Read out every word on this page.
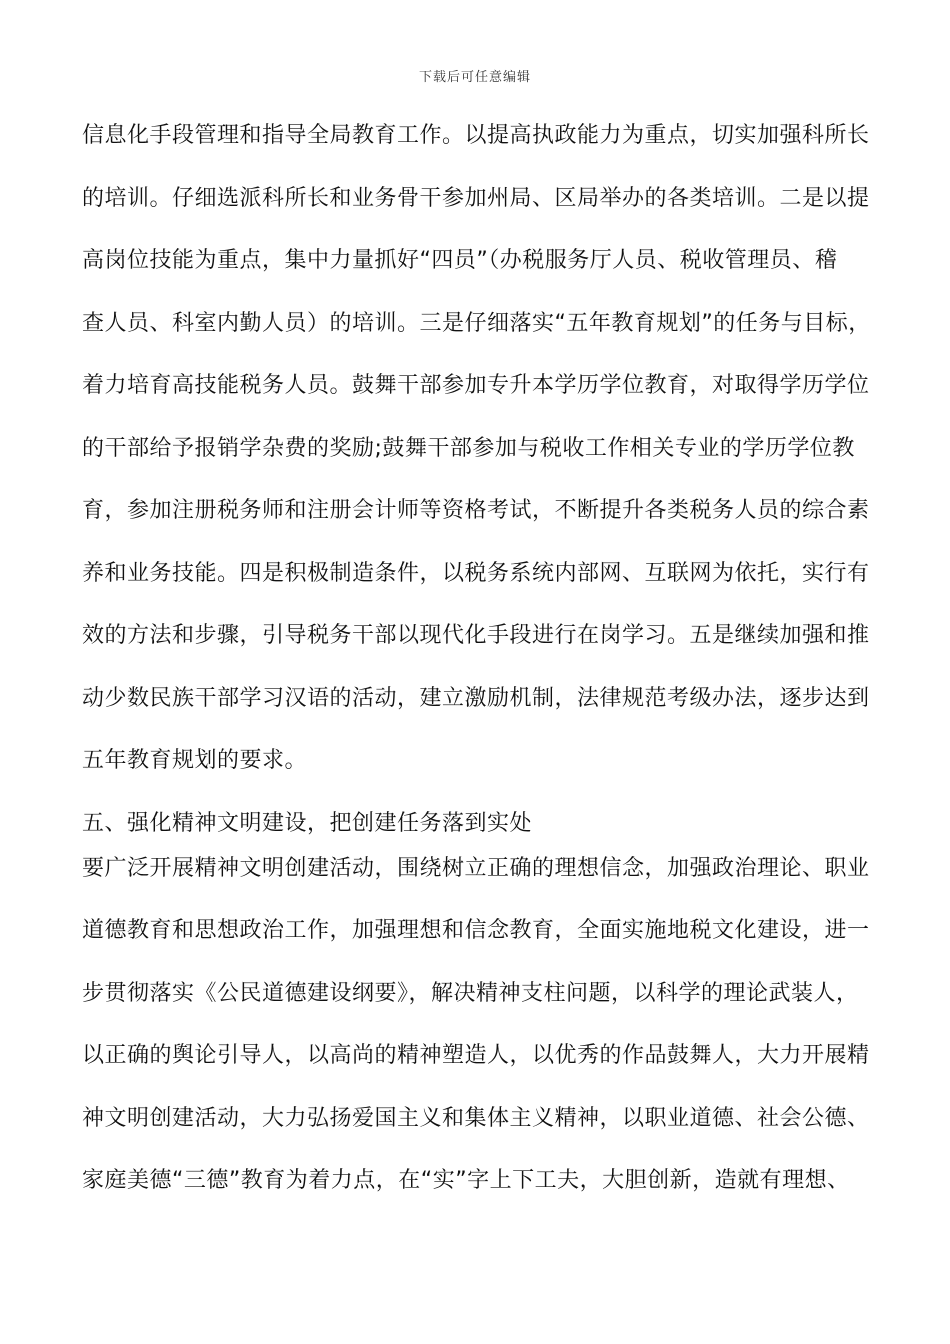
下载后可任意编辑
信息化手段管理和指导全局教育工作。以提高执政能力为重点，切实加强科所长
的培训。仔细选派科所长和业务骨干参加州局、区局举办的各类培训。二是以提
高岗位技能为重点，集中力量抓好“四员”（办税服务厅人员、税收管理员、稽
查人员、科室内勤人员）的培训。三是仔细落实“五年教育规划”的任务与目标，
着力培育高技能税务人员。鼓舞干部参加专升本学历学位教育，对取得学历学位
的干部给予报销学杂费的奖励;鼓舞干部参加与税收工作相关专业的学历学位教
育，参加注册税务师和注册会计师等资格考试，不断提升各类税务人员的综合素
养和业务技能。四是积极制造条件，以税务系统内部网、互联网为依托，实行有
效的方法和步骤，引导税务干部以现代化手段进行在岗学习。五是继续加强和推
动少数民族干部学习汉语的活动，建立激励机制，法律规范考级办法，逐步达到
五年教育规划的要求。
五、强化精神文明建设，把创建任务落到实处
要广泛开展精神文明创建活动，围绕树立正确的理想信念，加强政治理论、职业
道德教育和思想政治工作，加强理想和信念教育，全面实施地税文化建设，进一
步贯彻落实《公民道德建设纲要》，解决精神支柱问题，以科学的理论武装人，
以正确的舆论引导人，以高尚的精神塑造人，以优秀的作品鼓舞人，大力开展精
神文明创建活动，大力弘扬爱国主义和集体主义精神，以职业道德、社会公德、
家庭美德“三德”教育为着力点，在“实”字上下工夫，大胆创新，造就有理想、
